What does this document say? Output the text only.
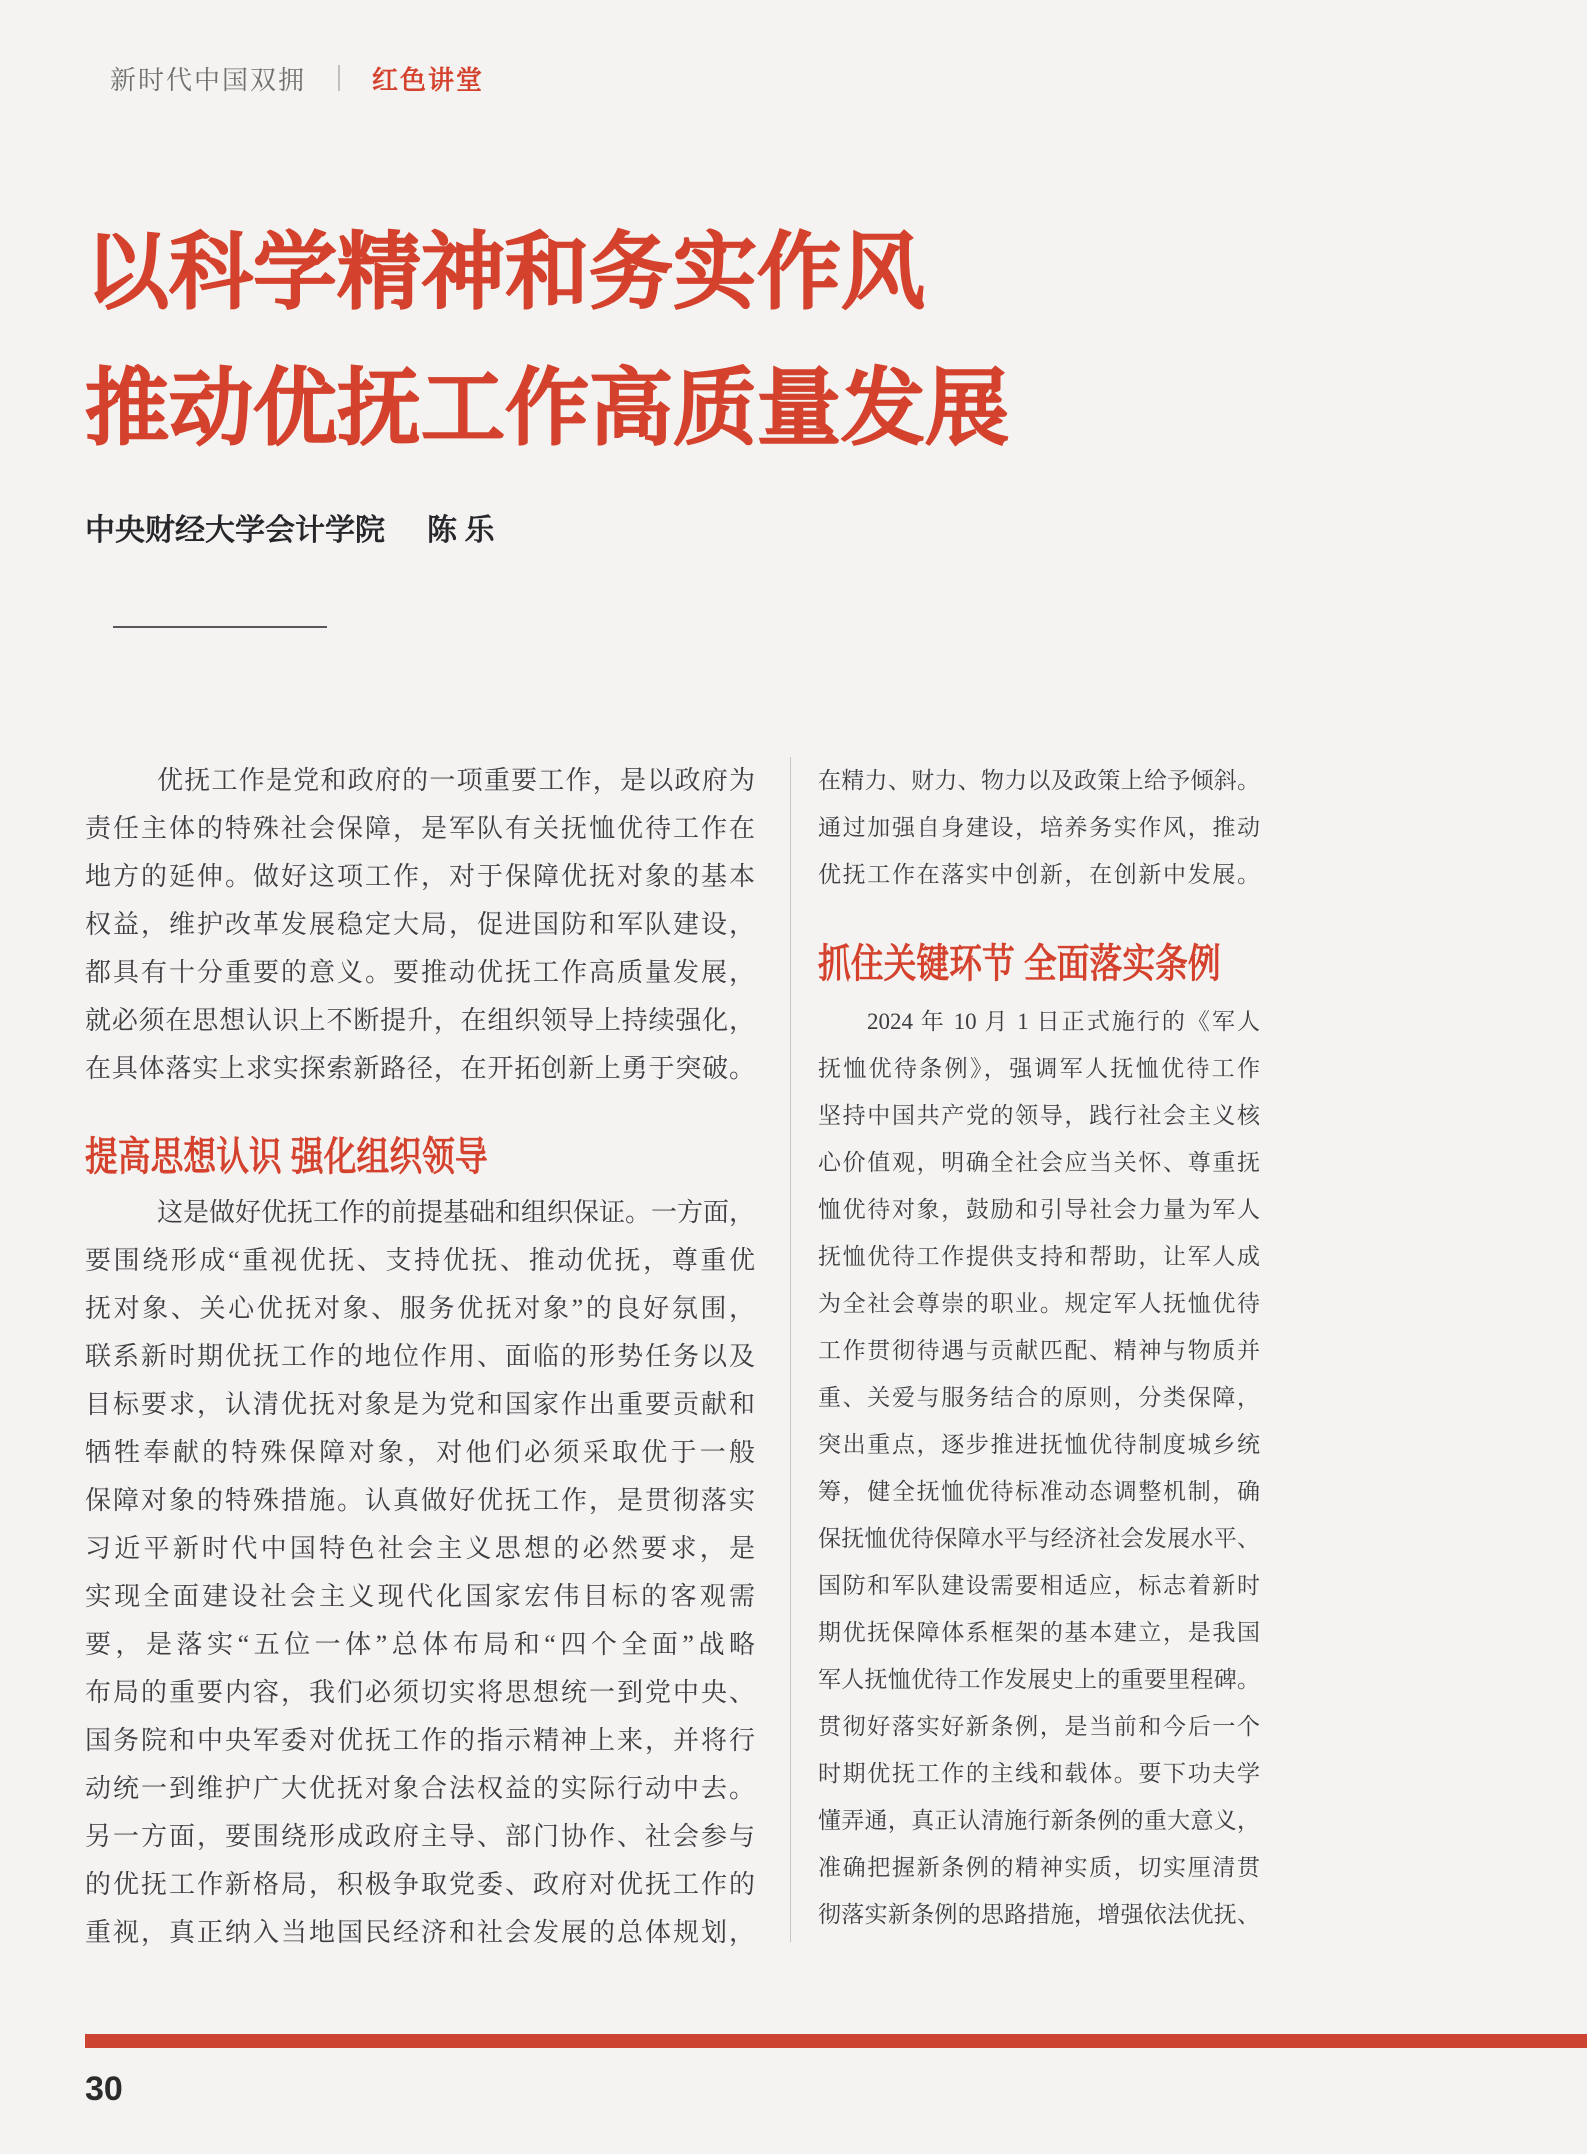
新时代中国双拥	红色讲堂
以科学精神和务实作风
推动优抚工作高质量发展
中央财经大学会计学院 陈 乐
优抚工作是党和政府的一项重要工作，是以政府为
责任主体的特殊社会保障，是军队有关抚恤优待工作在
地方的延伸。做好这项工作，对于保障优抚对象的基本
权益，维护改革发展稳定大局，促进国防和军队建设，
都具有十分重要的意义。要推动优抚工作高质量发展，
就必须在思想认识上不断提升，在组织领导上持续强化，
在具体落实上求实探索新路径，在开拓创新上勇于突破。
提高思想认识 强化组织领导
这是做好优抚工作的前提基础和组织保证。一方面，
要围绕形成“重视优抚、支持优抚、推动优抚，尊重优
抚对象、关心优抚对象、服务优抚对象”的良好氛围，
联系新时期优抚工作的地位作用、面临的形势任务以及
目标要求，认清优抚对象是为党和国家作出重要贡献和
牺牲奉献的特殊保障对象，对他们必须采取优于一般
保障对象的特殊措施。认真做好优抚工作，是贯彻落实
习近平新时代中国特色社会主义思想的必然要求，是
实现全面建设社会主义现代化国家宏伟目标的客观需
要，是落实“五位一体”总体布局和“四个全面”战略
布局的重要内容，我们必须切实将思想统一到党中央、
国务院和中央军委对优抚工作的指示精神上来，并将行
动统一到维护广大优抚对象合法权益的实际行动中去。
另一方面，要围绕形成政府主导、部门协作、社会参与
的优抚工作新格局，积极争取党委、政府对优抚工作的
重视，真正纳入当地国民经济和社会发展的总体规划，
在精力、财力、物力以及政策上给予倾斜。
通过加强自身建设，培养务实作风，推动
优抚工作在落实中创新，在创新中发展。
抓住关键环节 全面落实条例
2024 年 10 月 1 日正式施行的《军人
抚恤优待条例》，强调军人抚恤优待工作
坚持中国共产党的领导，践行社会主义核
心价值观，明确全社会应当关怀、尊重抚
恤优待对象，鼓励和引导社会力量为军人
抚恤优待工作提供支持和帮助，让军人成
为全社会尊崇的职业。规定军人抚恤优待
工作贯彻待遇与贡献匹配、精神与物质并
重、关爱与服务结合的原则，分类保障，
突出重点，逐步推进抚恤优待制度城乡统
筹，健全抚恤优待标准动态调整机制，确
保抚恤优待保障水平与经济社会发展水平、
国防和军队建设需要相适应，标志着新时
期优抚保障体系框架的基本建立，是我国
军人抚恤优待工作发展史上的重要里程碑。
贯彻好落实好新条例，是当前和今后一个
时期优抚工作的主线和载体。要下功夫学
懂弄通，真正认清施行新条例的重大意义，
准确把握新条例的精神实质，切实厘清贯
彻落实新条例的思路措施，增强依法优抚、
30
